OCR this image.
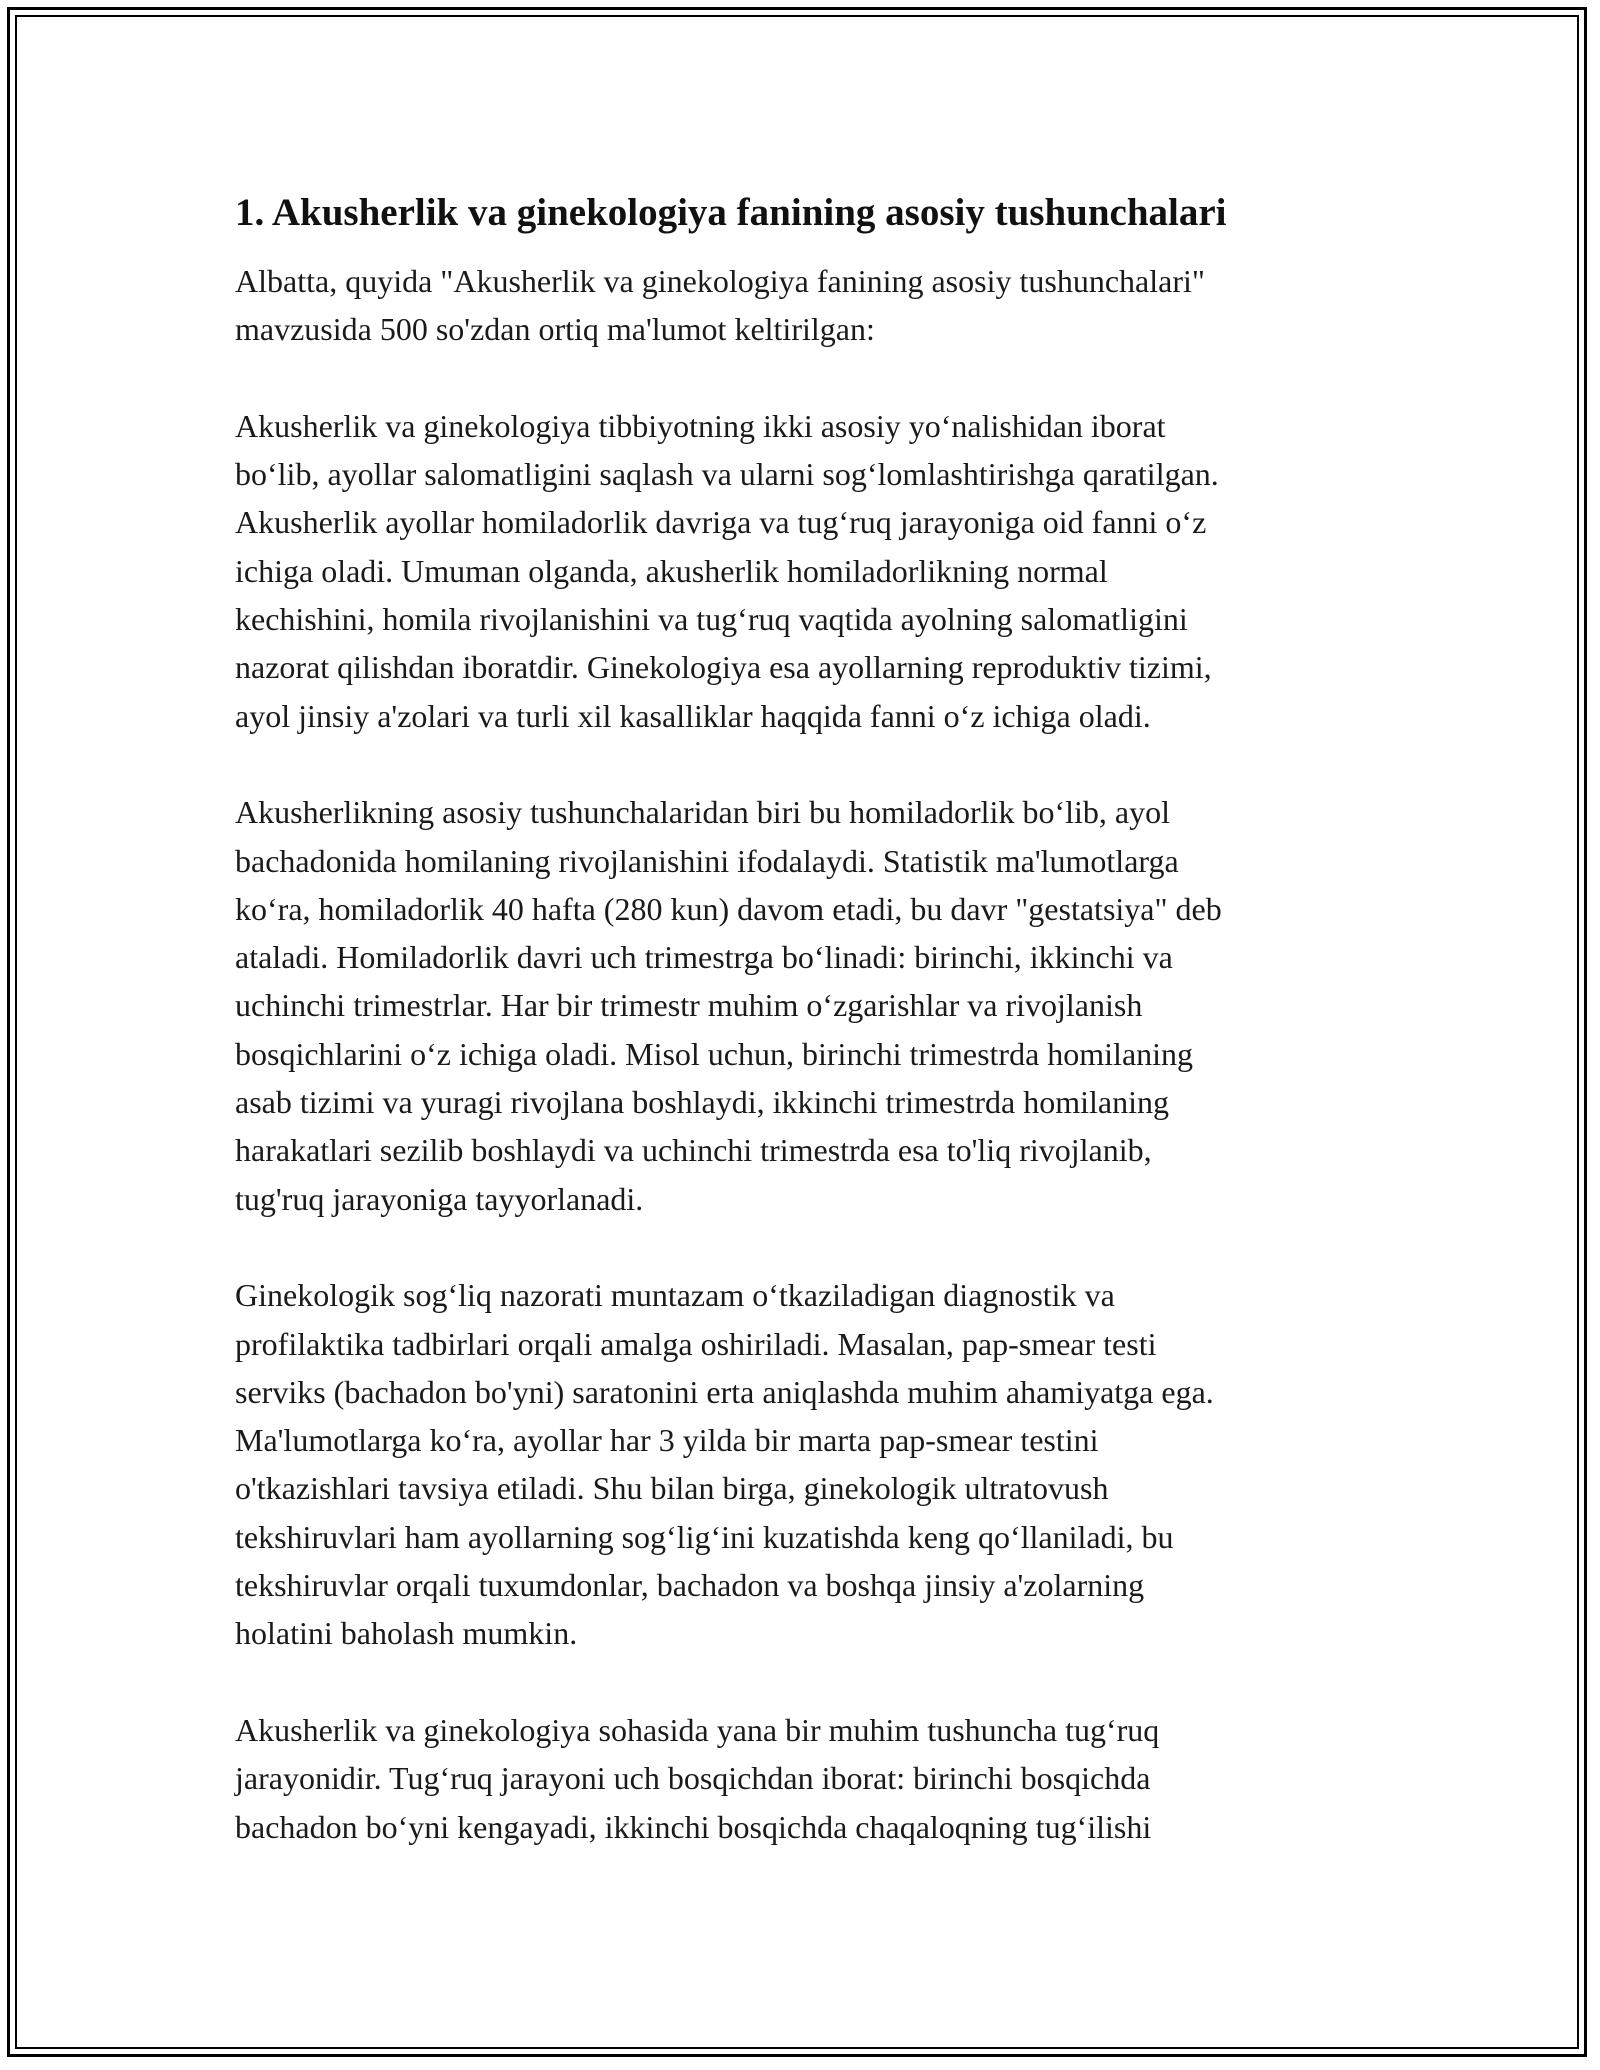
1. Akusherlik va ginekologiya fanining asosiy tushunchalari
Albatta, quyida "Akusherlik va ginekologiya fanining asosiy tushunchalari"
mavzusida 500 so'zdan ortiq ma'lumot keltirilgan:
Akusherlik va ginekologiya tibbiyotning ikki asosiy yo‘nalishidan iborat
bo‘lib, ayollar salomatligini saqlash va ularni sog‘lomlashtirishga qaratilgan.
Akusherlik ayollar homiladorlik davriga va tug‘ruq jarayoniga oid fanni o‘z
ichiga oladi. Umuman olganda, akusherlik homiladorlikning normal
kechishini, homila rivojlanishini va tug‘ruq vaqtida ayolning salomatligini
nazorat qilishdan iboratdir. Ginekologiya esa ayollarning reproduktiv tizimi,
ayol jinsiy a'zolari va turli xil kasalliklar haqqida fanni o‘z ichiga oladi.
Akusherlikning asosiy tushunchalaridan biri bu homiladorlik bo‘lib, ayol
bachadonida homilaning rivojlanishini ifodalaydi. Statistik ma'lumotlarga
ko‘ra, homiladorlik 40 hafta (280 kun) davom etadi, bu davr "gestatsiya" deb
ataladi. Homiladorlik davri uch trimestrga bo‘linadi: birinchi, ikkinchi va
uchinchi trimestrlar. Har bir trimestr muhim o‘zgarishlar va rivojlanish
bosqichlarini o‘z ichiga oladi. Misol uchun, birinchi trimestrda homilaning
asab tizimi va yuragi rivojlana boshlaydi, ikkinchi trimestrda homilaning
harakatlari sezilib boshlaydi va uchinchi trimestrda esa to'liq rivojlanib,
tug'ruq jarayoniga tayyorlanadi.
Ginekologik sog‘liq nazorati muntazam o‘tkaziladigan diagnostik va
profilaktika tadbirlari orqali amalga oshiriladi. Masalan, pap-smear testi
serviks (bachadon bo'yni) saratonini erta aniqlashda muhim ahamiyatga ega.
Ma'lumotlarga ko‘ra, ayollar har 3 yilda bir marta pap-smear testini
o'tkazishlari tavsiya etiladi. Shu bilan birga, ginekologik ultratovush
tekshiruvlari ham ayollarning sog‘lig‘ini kuzatishda keng qo‘llaniladi, bu
tekshiruvlar orqali tuxumdonlar, bachadon va boshqa jinsiy a'zolarning
holatini baholash mumkin.
Akusherlik va ginekologiya sohasida yana bir muhim tushuncha tug‘ruq
jarayonidir. Tug‘ruq jarayoni uch bosqichdan iborat: birinchi bosqichda
bachadon bo‘yni kengayadi, ikkinchi bosqichda chaqaloqning tug‘ilishi
